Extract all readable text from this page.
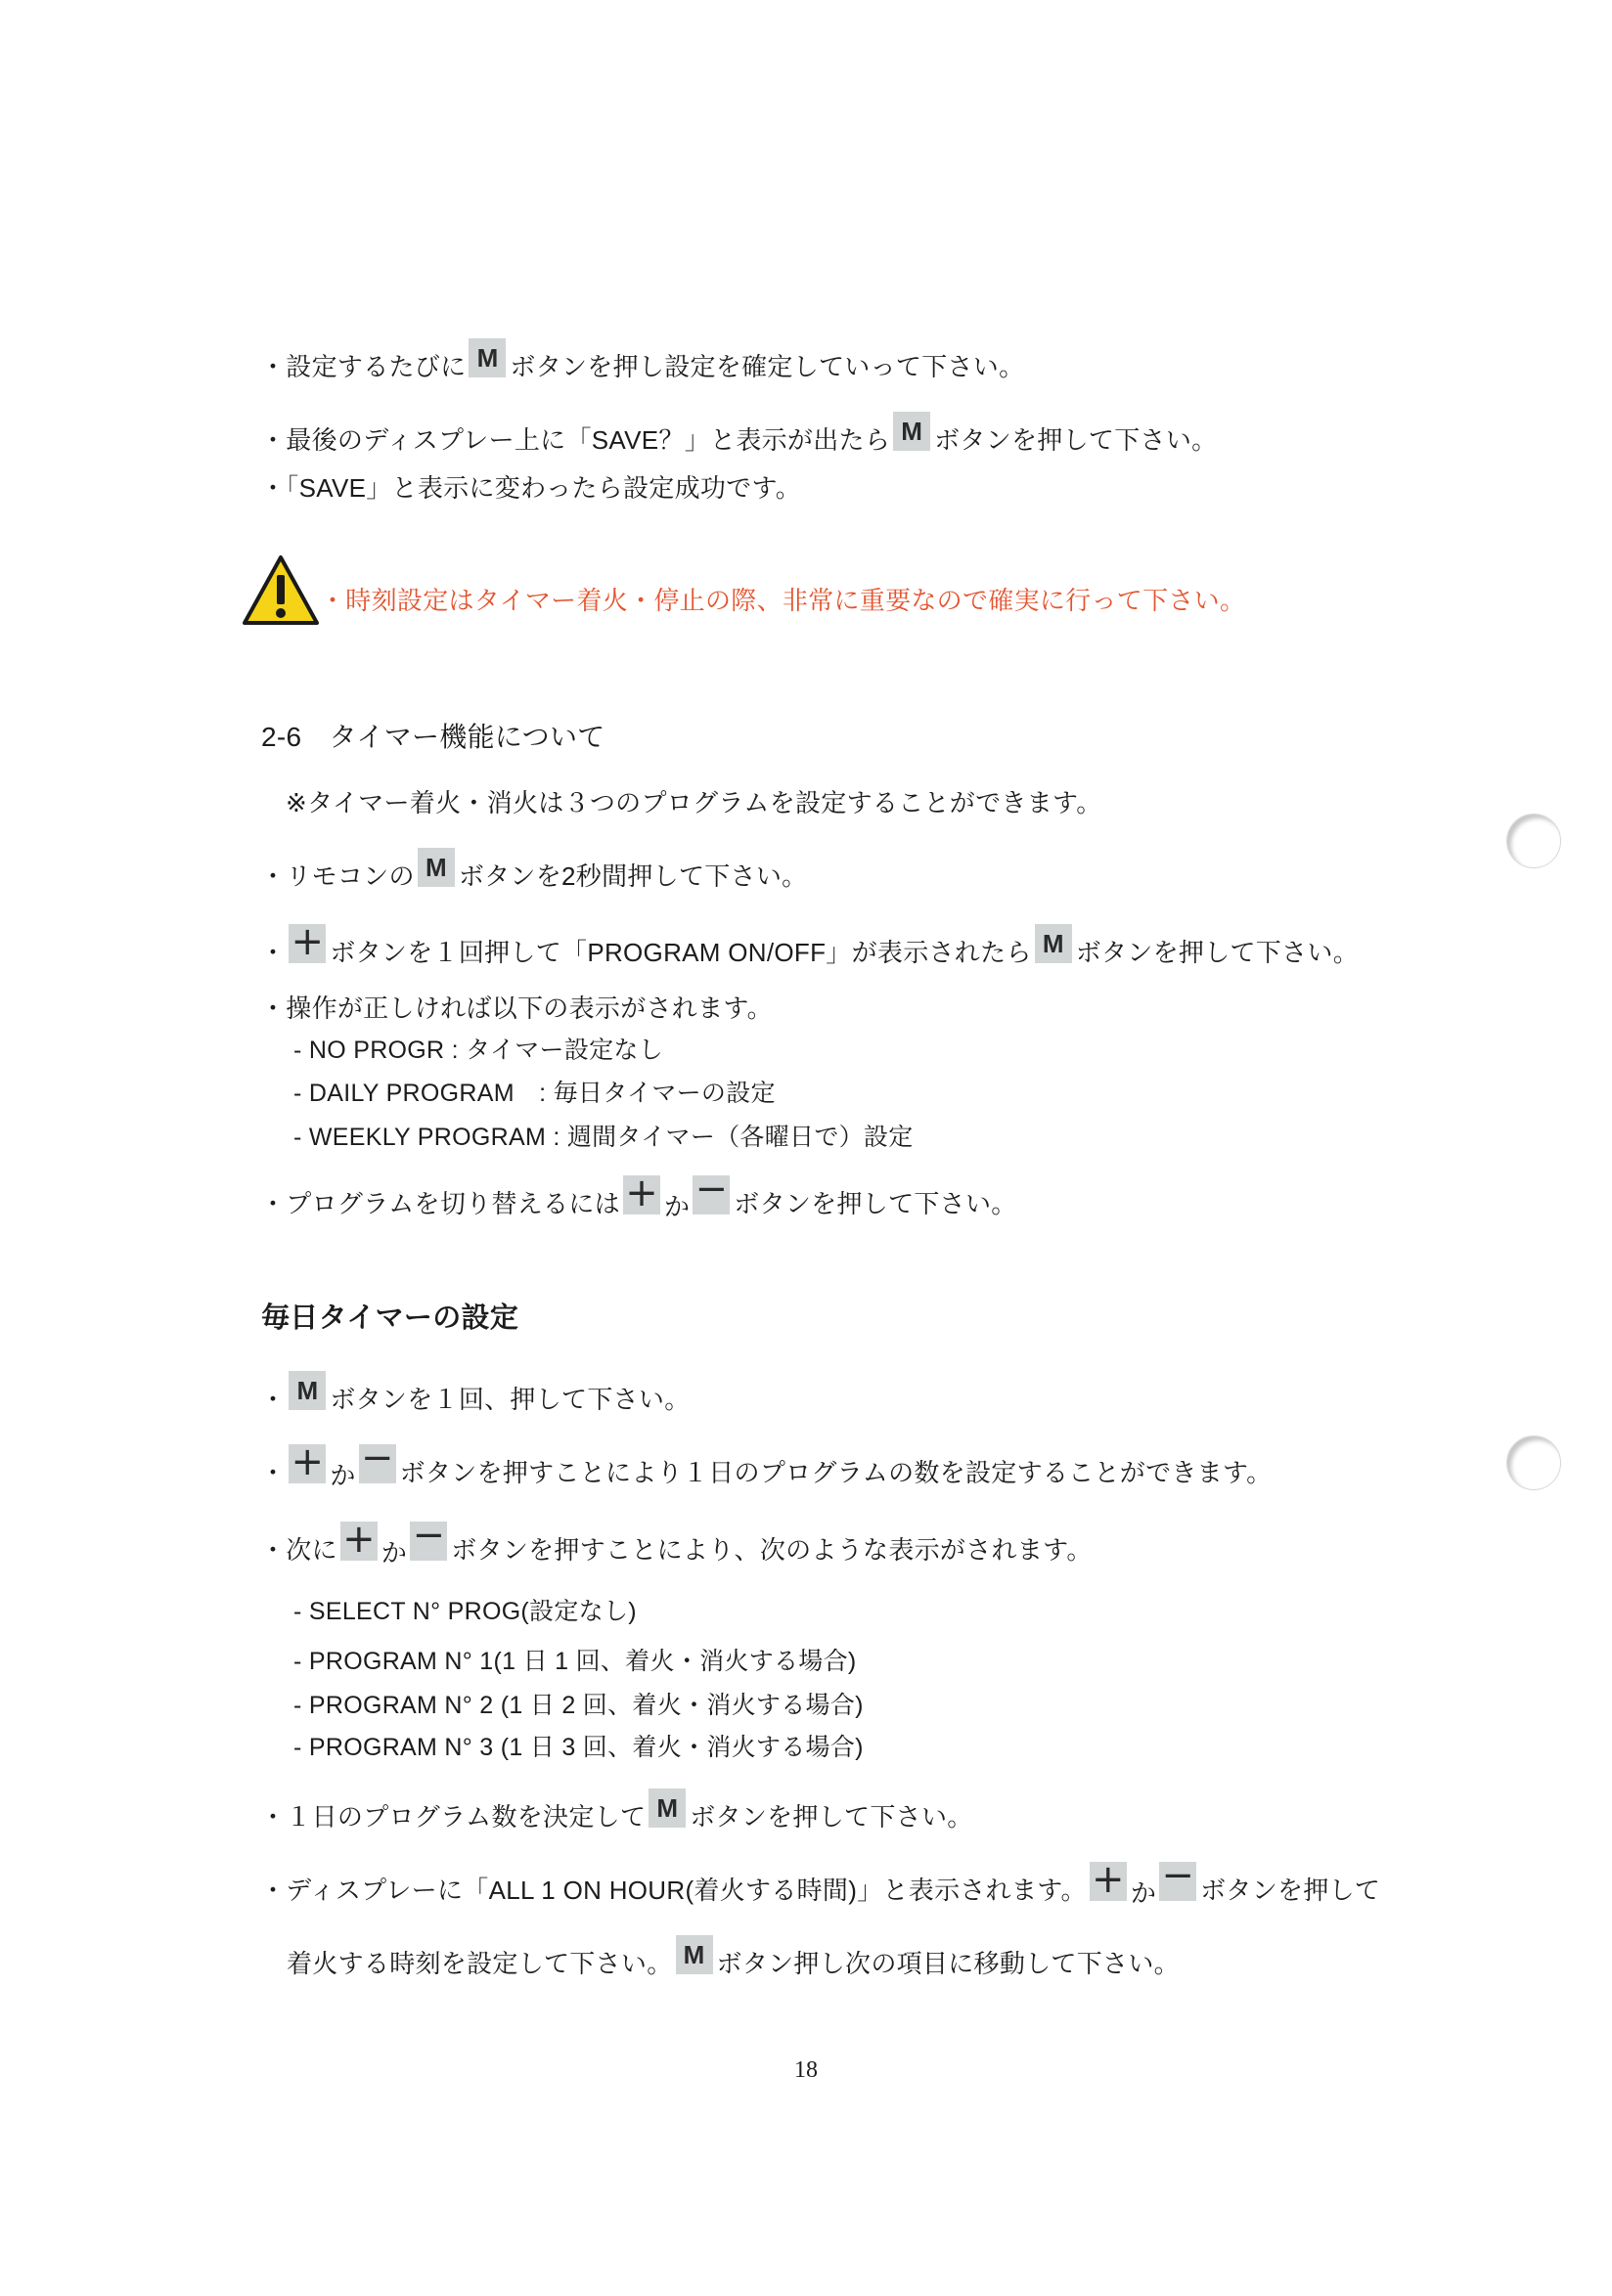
・設定するたびに M ボタンを押し設定を確定していって下さい。
・最後のディスプレー上に「SAVE？」と表示が出たら M ボタンを押して下さい。
・「SAVE」と表示に変わったら設定成功です。
・時刻設定はタイマー着火・停止の際、非常に重要なので確実に行って下さい。
2-6　タイマー機能について
※タイマー着火・消火は３つのプログラムを設定することができます。
・リモコンの M ボタンを2秒間押して下さい。
・ + ボタンを１回押して「PROGRAM ON/OFF」が表示されたら M ボタンを押して下さい。
・操作が正しければ以下の表示がされます。
- NO PROGR : タイマー設定なし
- DAILY PROGRAM　: 毎日タイマーの設定
- WEEKLY PROGRAM : 週間タイマー（各曜日で）設定
・プログラムを切り替えるには + か − ボタンを押して下さい。
毎日タイマーの設定
・ M ボタンを１回、押して下さい。
・ + か − ボタンを押すことにより１日のプログラムの数を設定することができます。
・次に + か − ボタンを押すことにより、次のような表示がされます。
- SELECT N° PROG(設定なし)
- PROGRAM N° 1(1 日 1 回、着火・消火する場合)
- PROGRAM N° 2 (1 日 2 回、着火・消火する場合)
- PROGRAM N° 3 (1 日 3 回、着火・消火する場合)
・１日のプログラム数を決定して M ボタンを押して下さい。
・ディスプレーに「ALL 1 ON HOUR(着火する時間)」と表示されます。 + か − ボタンを押して
着火する時刻を設定して下さい。 M ボタン押し次の項目に移動して下さい。
18
